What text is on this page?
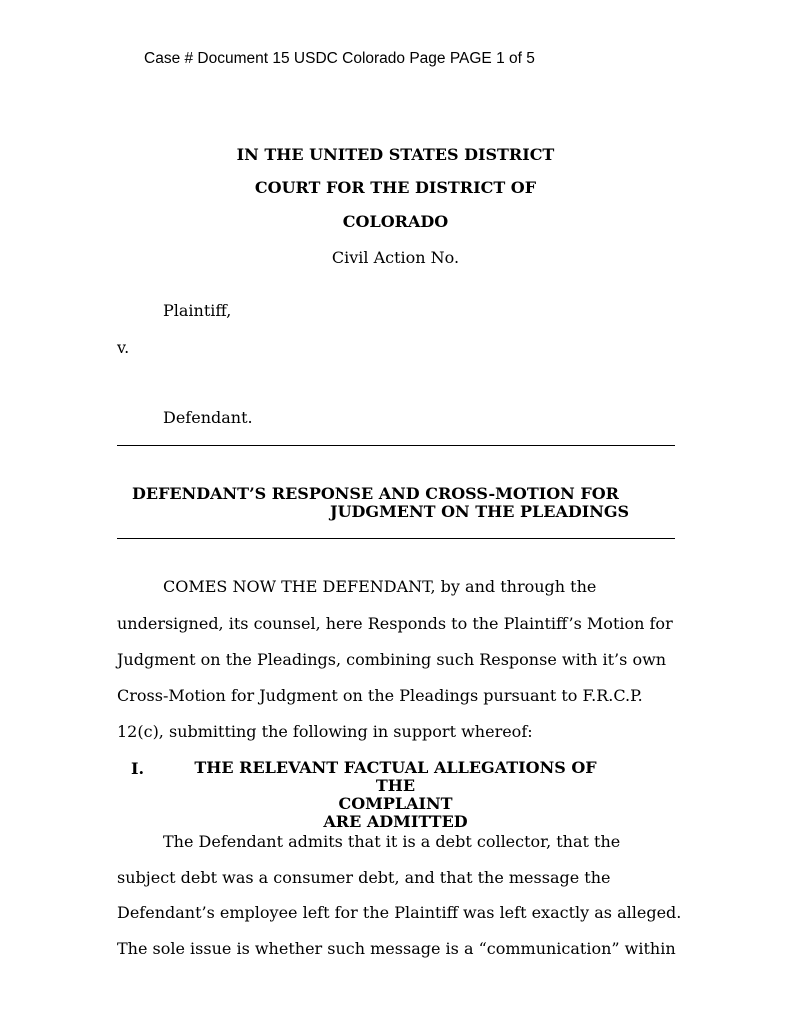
Case # Document 15 USDC Colorado Page PAGE 1 of 5
IN THE UNITED STATES DISTRICT
COURT FOR THE DISTRICT OF
COLORADO
Civil Action No.
Plaintiff,
v.
Defendant.
DEFENDANT’S RESPONSE AND CROSS-MOTION FOR
JUDGMENT ON THE PLEADINGS
COMES NOW THE DEFENDANT, by and through the
undersigned, its counsel, here Responds to the Plaintiff’s Motion for
Judgment on the Pleadings, combining such Response with it’s own
Cross-Motion for Judgment on the Pleadings pursuant to F.R.C.P.
12(c), submitting the following in support whereof:
I.	THE RELEVANT FACTUAL ALLEGATIONS OF THE
COMPLAINT
ARE ADMITTED
The Defendant admits that it is a debt collector, that the
subject debt was a consumer debt, and that the message the
Defendant’s employee left for the Plaintiff was left exactly as alleged.
The sole issue is whether such message is a “communication” within
